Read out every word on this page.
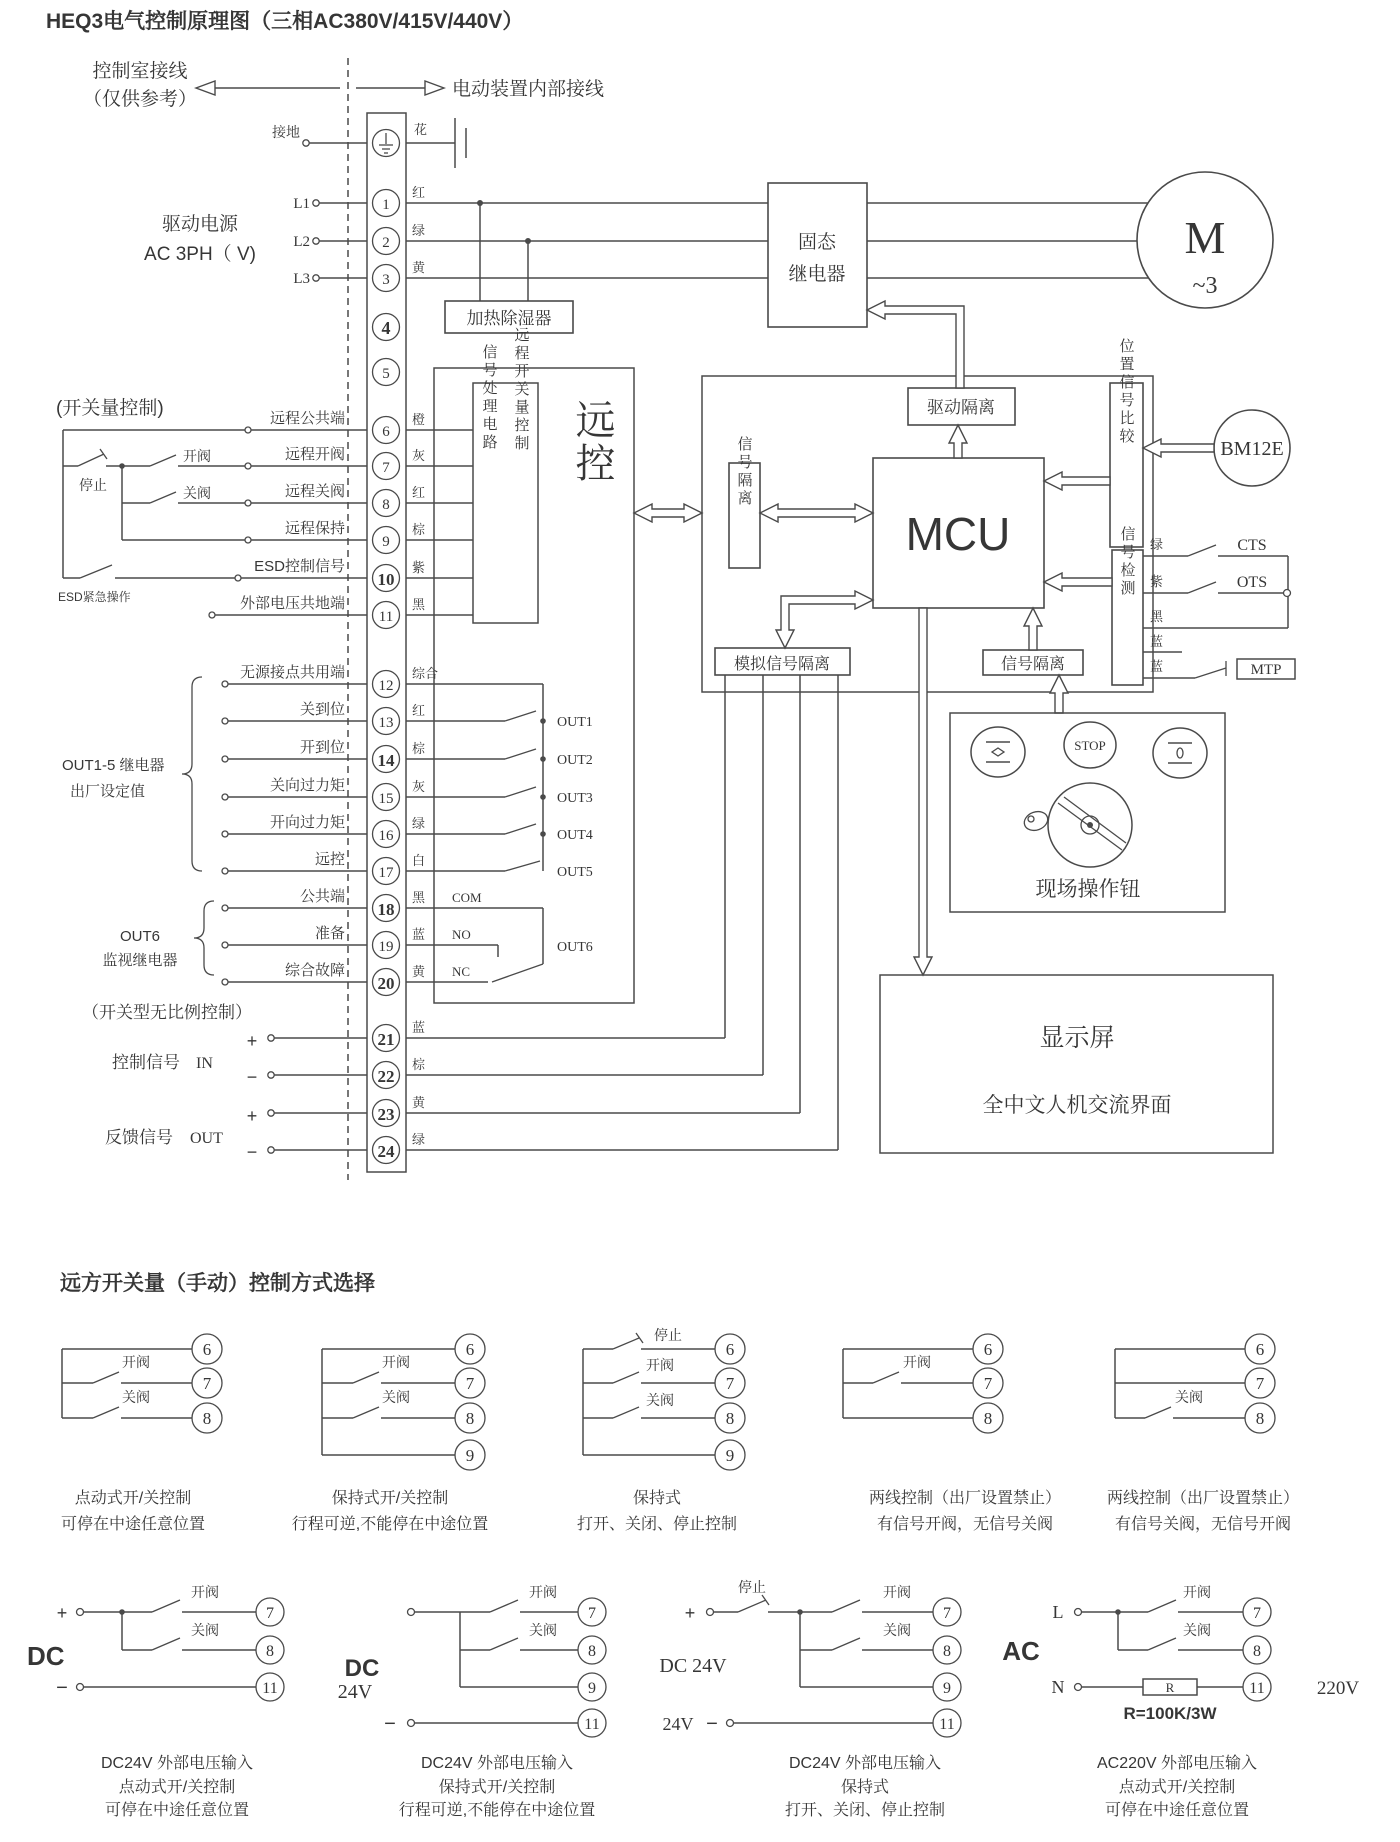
HEQ3电气控制原理图（三相AC380V/415V/440V）
控制室接线
（仅供参考）	电动装置内部接线
加热除湿器
固态
继电器
M
~3
接地
L1
L2
L3
驱动电源
AC 3PH（ V)
1
2
3
4
5
6
7
8
9
10
11
12
13
14
15
16
17
18
19
20
21
22
23
24
花
红
绿
黄
橙
灰
红
棕
紫
黑
综合
红
棕
灰
绿
白
黑
蓝
黄
蓝
棕
黄
绿
COM
NO
NC
(开关量控制)
停止
开阀
关阀
ESD紧急操作
远程公共端
远程开阀
远程关阀
远程保持
ESD控制信号
外部电压共地端
无源接点共用端
关到位
开到位
关向过力矩
开向过力矩
远控
公共端
准备
综合故障
OUT1-5 继电器
出厂设定值
OUT6
监视继电器
（开关型无比例控制）
控制信号 IN
反馈信号 OUT
+
−
+
−
信号处理电路 远程开关量控制 远控
OUT1
OUT2
OUT3
OUT4
OUT5
OUT6
驱动隔离
MCU
信号隔离
位置信号比较
信号检测
模拟信号隔离	信号隔离
BM12E
绿
紫
黑
蓝
蓝
CTS
OTS
MTP
STOP
现场操作钮
显示屏
全中文人机交流界面
远方开关量（手动）控制方式选择
6
7
8
开阀
关阀
点动式开/关控制
可停在中途任意位置
6
7
8
9
开阀
关阀
保持式开/关控制
行程可逆,不能停在中途位置
6
7
8
9
停止
开阀
关阀
保持式
打开、关闭、停止控制
6
7
8
开阀
两线控制（出厂设置禁止）
有信号开阀，无信号关阀
6
7
8
关阀
两线控制（出厂设置禁止）
有信号关阀，无信号开阀
DC
+
−
7
8
11
开阀
关阀
DC24V 外部电压输入
点动式开/关控制
可停在中途任意位置
DC
24V
−
7
8
9
11
开阀
关阀
DC24V 外部电压输入
保持式开/关控制
行程可逆,不能停在中途位置
+
DC 24V
24V −
停止
7
8
9
11
开阀
关阀
DC24V 外部电压输入
保持式
打开、关闭、停止控制
AC
L
N	R
7
8
11
开阀
关阀
R=100K/3W
220V
AC220V 外部电压输入
点动式开/关控制
可停在中途任意位置
